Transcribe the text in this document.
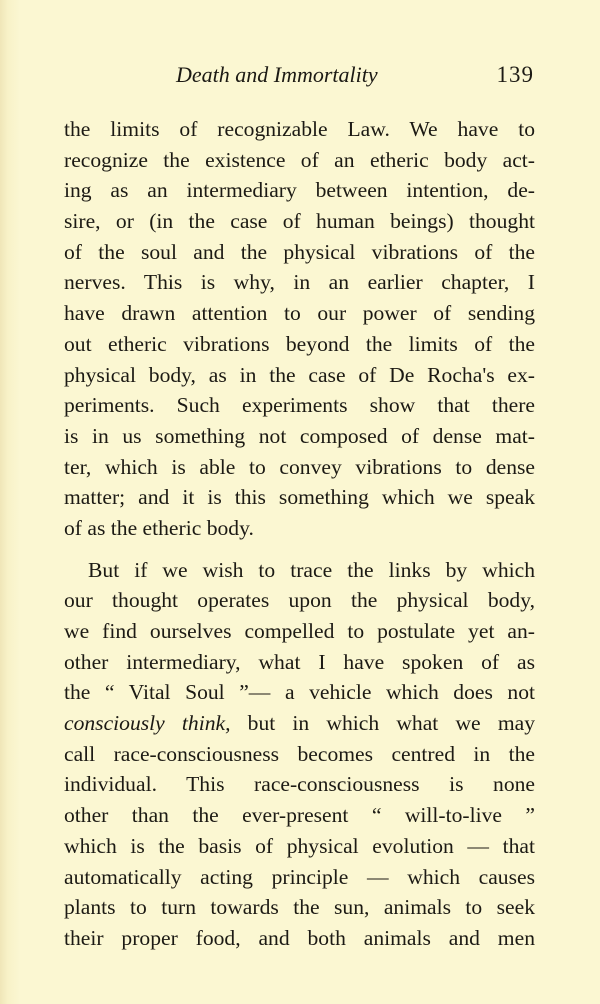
Death and Immortality	139
the limits of recognizable Law. We have to
recognize the existence of an etheric body act-
ing as an intermediary between intention, de-
sire, or (in the case of human beings) thought
of the soul and the physical vibrations of the
nerves. This is why, in an earlier chapter, I
have drawn attention to our power of sending
out etheric vibrations beyond the limits of the
physical body, as in the case of De Rocha's ex-
periments. Such experiments show that there
is in us something not composed of dense mat-
ter, which is able to convey vibrations to dense
matter; and it is this something which we speak
of as the etheric body.
But if we wish to trace the links by which
our thought operates upon the physical body,
we find ourselves compelled to postulate yet an-
other intermediary, what I have spoken of as
the “ Vital Soul ”— a vehicle which does not
consciously think, but in which what we may
call race-consciousness becomes centred in the
individual. This race-consciousness is none
other than the ever-present “ will-to-live ”
which is the basis of physical evolution — that
automatically acting principle — which causes
plants to turn towards the sun, animals to seek
their proper food, and both animals and men
